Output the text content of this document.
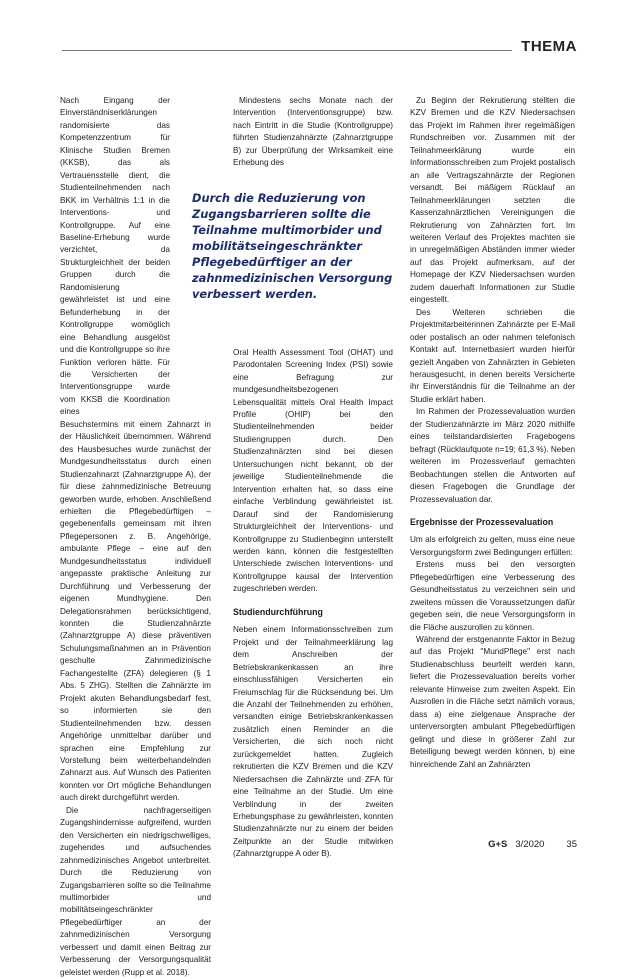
THEMA

Nach Eingang der Einverständniserklärungen randomisierte das Kompetenzzentrum für Klinische Studien Bremen (KKSB), das als Vertrauensstelle dient, die Studienteilnehmenden nach BKK im Verhältnis 1:1 in die Interventions- und Kontrollgruppe. Auf eine Baseline-Erhebung wurde verzichtet, da Strukturgleichheit der beiden Gruppen durch die Randomisierung gewährleistet ist und eine Befunderhebung in der Kontrollgruppe womöglich eine Behandlung ausgelöst und die Kontrollgruppe so ihre Funktion verloren hätte. Für die Versicherten der Interventionsgruppe wurde vom KKSB die Koordination eines

Besuchstermins mit einem Zahnarzt in der Häuslichkeit übernommen. Während des Hausbesuches wurde zunächst der Mundgesundheitsstatus durch einen Studienzahnarzt (Zahnarztgruppe A), der für diese zahnmedizinische Betreuung geworben wurde, erhoben. Anschließend erhielten die Pflegebedürftigen – gegebenenfalls gemeinsam mit ihren Pflegepersonen z. B. Angehörige, ambulante Pflege – eine auf den Mundgesundheitsstatus individuell angepasste praktische Anleitung zur Durchführung und Verbesserung der eigenen Mundhygiene. Den Delegationsrahmen berücksichtigend, konnten die Studienzahnärzte (Zahnarztgruppe A) diese präventiven Schulungsmaßnahmen an in Prävention geschulte Zahnmedizinische Fachangestellte (ZFA) delegieren (§ 1 Abs. 5 ZHG). Stellten die Zahnärzte im Projekt akuten Behandlungsbedarf fest, so informierten sie den Studienteilnehmenden bzw. dessen Angehörige unmittelbar darüber und sprachen eine Empfehlung zur Vorstellung beim weiterbehandelnden Zahnarzt aus. Auf Wunsch des Patienten konnten vor Ort mögliche Behandlungen auch direkt durchgeführt werden.

Die nachfragerseitigen Zugangshindernisse aufgreifend, wurden den Versicherten ein niedrigschwelliges, zugehendes und aufsuchendes zahnmedizinisches Angebot unterbreitet. Durch die Reduzierung von Zugangsbarrieren sollte so die Teilnahme multimorbider und mobilitätseingeschränkter Pflegebedürftiger an der zahnmedizinischen Versorgung verbessert und damit einen Beitrag zur Verbesserung der Versorgungsqualität geleistet werden (Rupp et al. 2018).

Mindestens sechs Monate nach der Intervention (Interventionsgruppe) bzw. nach Eintritt in die Studie (Kontrollgruppe) führten Studienzahnärzte (Zahnarztgruppe B) zur Überprüfung der Wirksamkeit eine Erhebung des

Oral Health Assessment Tool (OHAT) und Parodontalen Screening Index (PSI) sowie eine Befragung zur mundgesundheitsbezogenen Lebensqualität mittels Oral Health Impact Profile (OHIP) bei den Studienteilnehmenden beider Studiengruppen durch. Den Studienzahnärzten sind bei diesen Untersuchungen nicht bekannt, ob der jeweilige Studienteilnehmende die Intervention erhalten hat, so dass eine einfache Verblindung gewährleistet ist. Darauf sind der Randomisierung Strukturgleichheit der Interventions- und Kontrollgruppe zu Studienbeginn unterstellt werden kann, können die festgestellten Unterschiede zwischen Interventions- und Kontrollgruppe kausal der Intervention zugeschrieben werden.

Studiendurchführung

Neben einem Informationsschreiben zum Projekt und der Teilnahmeerklärung lag dem Anschreiben der Betriebskrankenkassen an ihre einschlussfähigen Versicherten ein Freiumschlag für die Rücksendung bei. Um die Anzahl der Teilnehmenden zu erhöhen, versandten einige Betriebskrankenkassen zusätzlich einen Reminder an die Versicherten, die sich noch nicht zurückgemeldet hatten. Zugleich rekrutierten die KZV Bremen und die KZV Niedersachsen die Zahnärzte und ZFA für eine Teilnahme an der Studie. Um eine Verblindung in der zweiten Erhebungsphase zu gewährleisten, konnten Studienzahnärzte nur zu einem der beiden Zeitpunkte an der Studie mitwirken (Zahnarztgruppe A oder B).

Zu Beginn der Rekrutierung stellten die KZV Bremen und die KZV Niedersachsen das Projekt im Rahmen ihrer regelmäßigen Rundschreiben vor. Zusammen mit der Teilnahmeerklärung wurde ein Informationsschreiben zum Projekt postalisch an alle Vertragszahnärzte der Regionen versandt. Bei mäßigem Rücklauf an Teilnahmeerklärungen setzten die Kassenzahnärztlichen Vereinigungen die Rekrutierung von Zahnärzten fort. Im weiteren Verlauf des Projektes machten sie in unregelmäßigen Abständen immer wieder auf das Projekt aufmerksam, auf der Homepage der KZV Niedersachsen wurden zudem dauerhaft Informationen zur Studie eingestellt.

Des Weiteren schrieben die Projektmitarbeiterinnen Zahnärzte per E-Mail oder postalisch an oder nahmen telefonisch Kontakt auf. Internetbasiert wurden hierfür gezielt Angaben von Zahnärzten in Gebieten herausgesucht, in denen bereits Versicherte ihr Einverständnis für die Teilnahme an der Studie erklärt haben.

Im Rahmen der Prozessevaluation wurden der Studienzahnärzte im März 2020 mithilfe eines teilstandardisierten Fragebogens befragt (Rücklaufquote n=19; 61,3 %). Neben weiteren im Prozessverlauf gemachten Beobachtungen stellen die Antworten auf diesen Fragebogen die Grundlage der Prozessevaluation dar.

Ergebnisse der Prozessevaluation

Um als erfolgreich zu gelten, muss eine neue Versorgungsform zwei Bedingungen erfüllen:

Erstens muss bei den versorgten Pflegebedürftigen eine Verbesserung des Gesundheitsstatus zu verzeichnen sein und zweitens müssen die Voraussetzungen dafür gegeben sein, die neue Versorgungsform in die Fläche auszurollen zu können.

Während der erstgenannte Faktor in Bezug auf das Projekt "MundPflege" erst nach Studienabschluss beurteilt werden kann, liefert die Prozessevaluation bereits vorher relevante Hinweise zum zweiten Aspekt. Ein Ausrollen in die Fläche setzt nämlich voraus, dass a) eine zielgenaue Ansprache der unterversorgten ambulant Pflegebedürftigen gelingt und diese in größerer Zahl zur Beteiligung bewegt werden können, b) eine hinreichende Zahl an Zahnärzten

Durch die Reduzierung von Zugangsbarrieren sollte die Teilnahme multimorbider und mobilitätseingeschränkter Pflegebedürftiger an der zahnmedizinischen Versorgung verbessert werden.
G+S 3/2020 35
